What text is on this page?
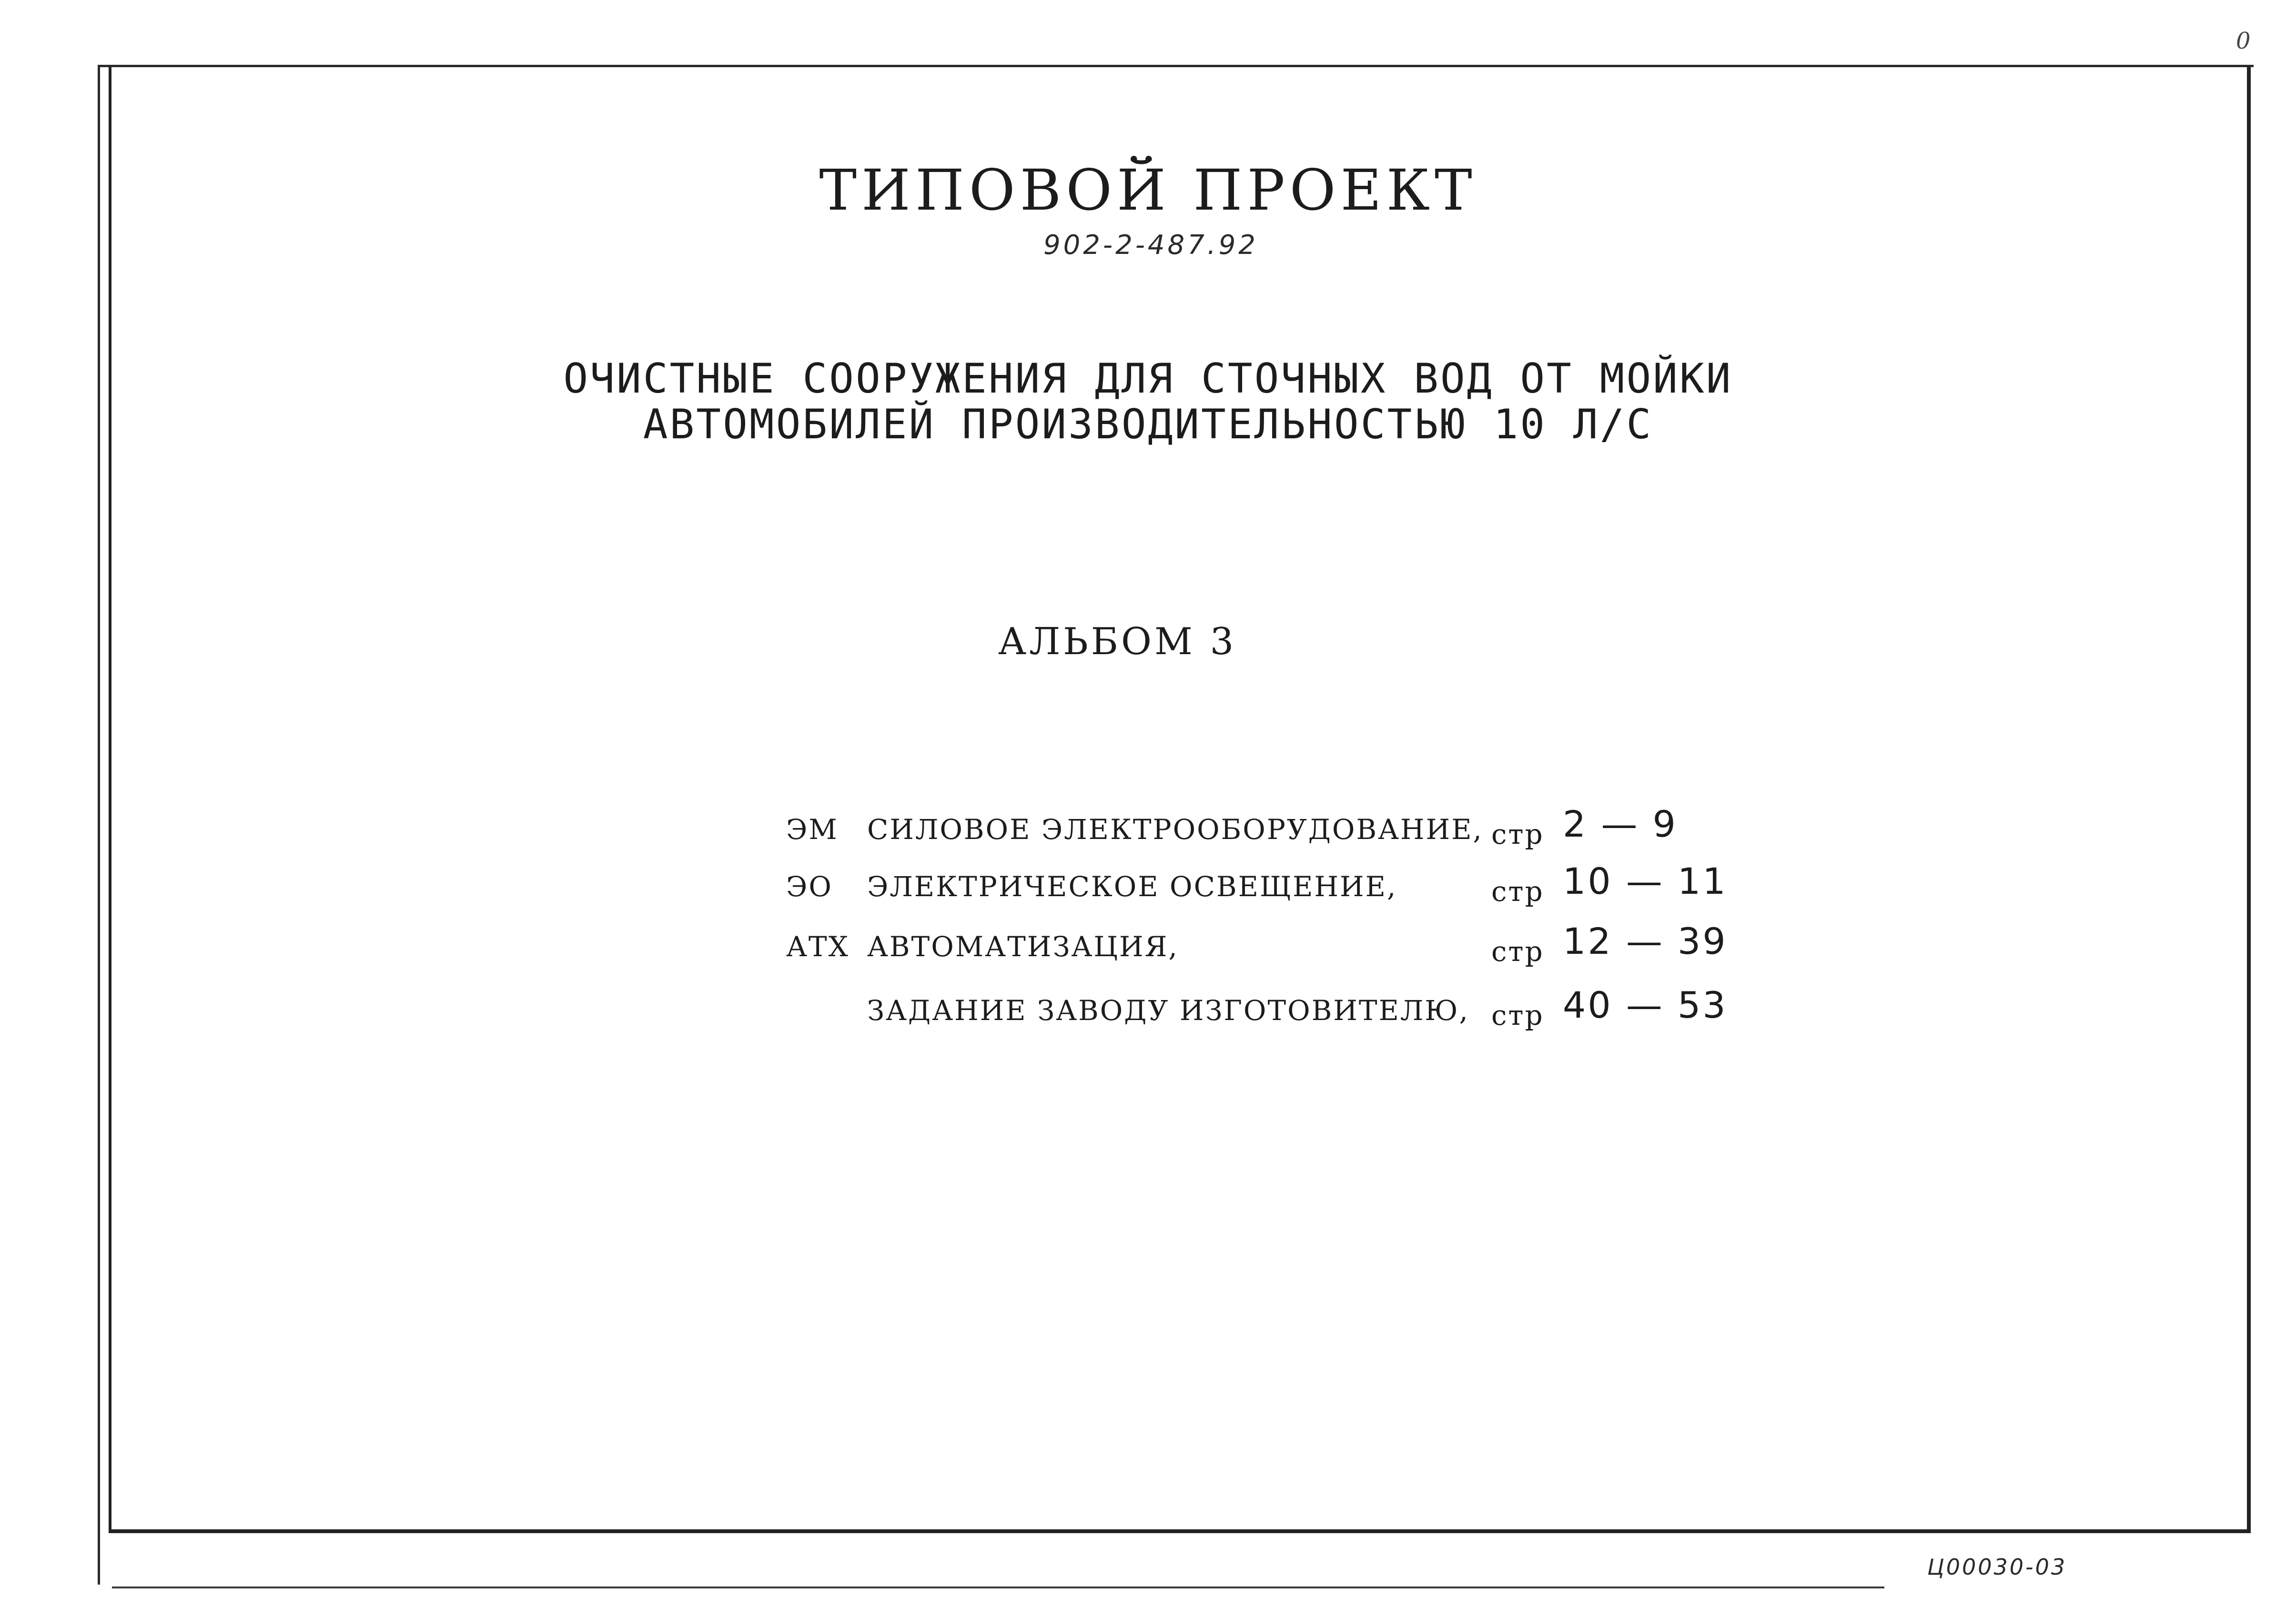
0
ТИПОВОЙ ПРОЕКТ
902-2-487.92
ОЧИСТНЫЕ СООРУЖЕНИЯ ДЛЯ СТОЧНЫХ ВОД ОТ МОЙКИ
АВТОМОБИЛЕЙ ПРОИЗВОДИТЕЛЬНОСТЬЮ 10 Л/С
АЛЬБОМ 3
ЭМ СИЛОВОЕ ЭЛЕКТРООБОРУДОВАНИЕ, стр 2 — 9
ЭО ЭЛЕКТРИЧЕСКОЕ ОСВЕЩЕНИЕ,	стр 10 — 11
АТХ АВТОМАТИЗАЦИЯ,	стр 12 — 39
ЗАДАНИЕ ЗАВОДУ ИЗГОТОВИТЕЛЮ, стр 40 — 53
Ц00030-03
